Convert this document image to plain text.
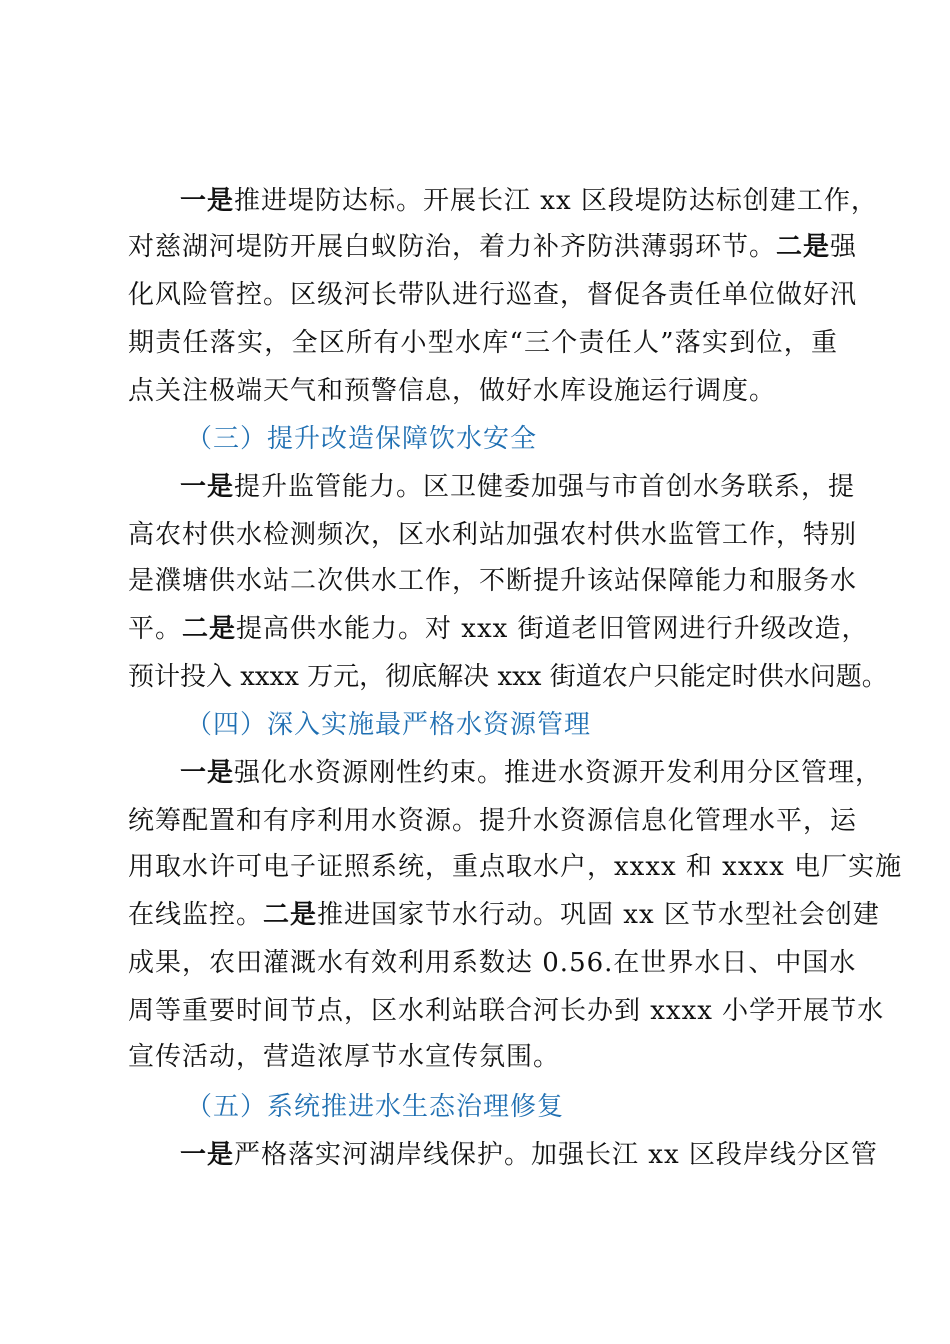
一是推进堤防达标。开展长江 xx 区段堤防达标创建工作，
对慈湖河堤防开展白蚁防治，着力补齐防洪薄弱环节。二是强
化风险管控。区级河长带队进行巡查，督促各责任单位做好汛
期责任落实，全区所有小型水库“三个责任人”落实到位，重
点关注极端天气和预警信息，做好水库设施运行调度。
（三）提升改造保障饮水安全
一是提升监管能力。区卫健委加强与市首创水务联系，提
高农村供水检测频次，区水利站加强农村供水监管工作，特别
是濮塘供水站二次供水工作，不断提升该站保障能力和服务水
平。二是提高供水能力。对 xxx 街道老旧管网进行升级改造，
预计投入 xxxx 万元，彻底解决 xxx 街道农户只能定时供水问题。
（四）深入实施最严格水资源管理
一是强化水资源刚性约束。推进水资源开发利用分区管理，
统筹配置和有序利用水资源。提升水资源信息化管理水平，运
用取水许可电子证照系统，重点取水户，xxxx 和 xxxx 电厂实施
在线监控。二是推进国家节水行动。巩固 xx 区节水型社会创建
成果，农田灌溉水有效利用系数达 0.56.在世界水日、中国水
周等重要时间节点，区水利站联合河长办到 xxxx 小学开展节水
宣传活动，营造浓厚节水宣传氛围。
（五）系统推进水生态治理修复
一是严格落实河湖岸线保护。加强长江 xx 区段岸线分区管
